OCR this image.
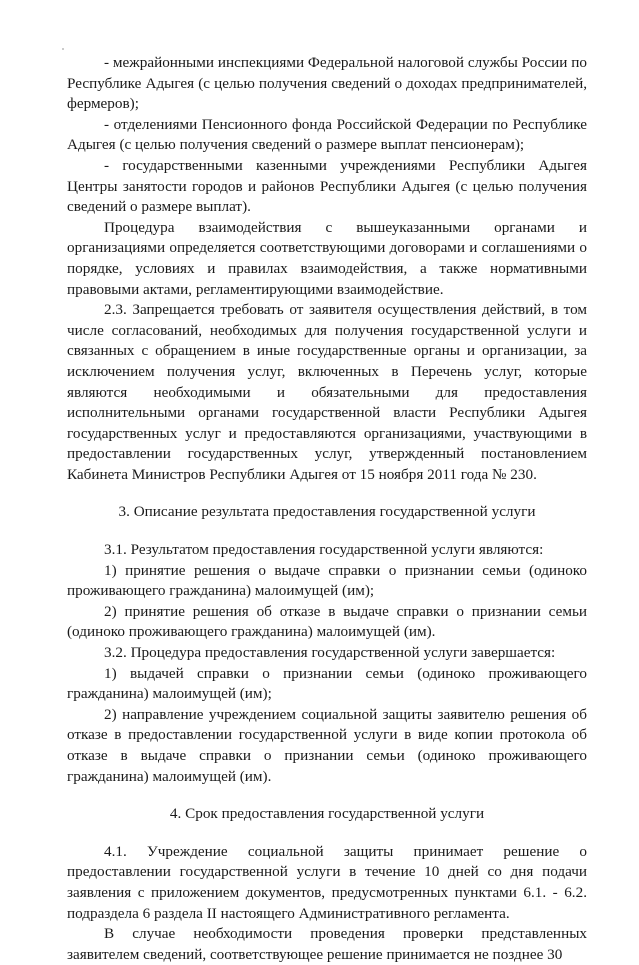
- межрайонными инспекциями Федеральной налоговой службы России по Республике Адыгея (с целью получения сведений о доходах предпринимателей, фермеров);

- отделениями Пенсионного фонда Российской Федерации по Республике Адыгея (с целью получения сведений о размере выплат пенсионерам);

- государственными казенными учреждениями Республики Адыгея Центры занятости городов и районов Республики Адыгея (с целью получения сведений о размере выплат).

Процедура взаимодействия с вышеуказанными органами и организациями определяется соответствующими договорами и соглашениями о порядке, условиях и правилах взаимодействия, а также нормативными правовыми актами, регламентирующими взаимодействие.

2.3. Запрещается требовать от заявителя осуществления действий, в том числе согласований, необходимых для получения государственной услуги и связанных с обращением в иные государственные органы и организации, за исключением получения услуг, включенных в Перечень услуг, которые являются необходимыми и обязательными для предоставления исполнительными органами государственной власти Республики Адыгея государственных услуг и предоставляются организациями, участвующими в предоставлении государственных услуг, утвержденный постановлением Кабинета Министров Республики Адыгея от 15 ноября 2011 года № 230.

3. Описание результата предоставления государственной услуги

3.1. Результатом предоставления государственной услуги являются:

1) принятие решения о выдаче справки о признании семьи (одиноко проживающего гражданина) малоимущей (им);

2) принятие решения об отказе в выдаче справки о признании семьи (одиноко проживающего гражданина) малоимущей (им).

3.2. Процедура предоставления государственной услуги завершается:

1) выдачей справки о признании семьи (одиноко проживающего гражданина) малоимущей (им);

2) направление учреждением социальной защиты заявителю решения об отказе в предоставлении государственной услуги в виде копии протокола об отказе в выдаче справки о признании семьи (одиноко проживающего гражданина) малоимущей (им).

4. Срок предоставления государственной услуги

4.1. Учреждение социальной защиты принимает решение о предоставлении государственной услуги в течение 10 дней со дня подачи заявления с приложением документов, предусмотренных пунктами 6.1. - 6.2. подраздела 6 раздела II настоящего Административного регламента.

В случае необходимости проведения проверки представленных заявителем сведений, соответствующее решение принимается не позднее 30
